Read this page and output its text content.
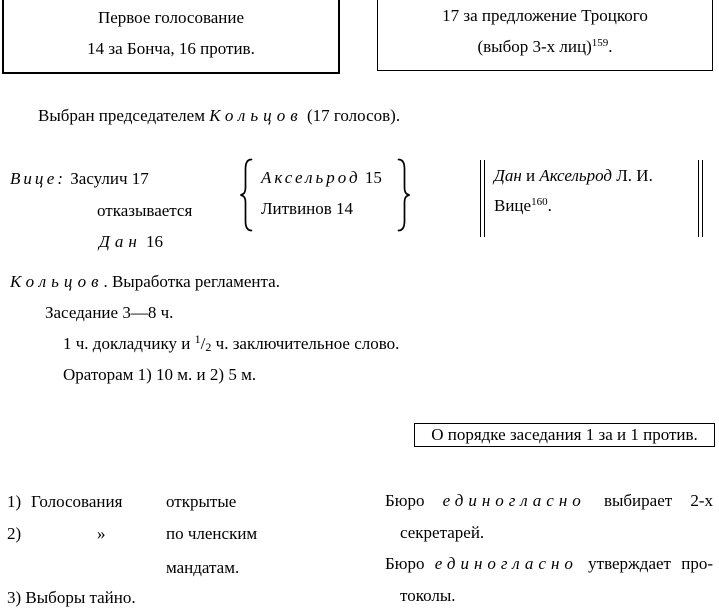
Первое голосование
14 за Бонча, 16 против.
17 за предложение Троцкого
(выбор 3-х лиц)$^{159}$.
Выбран председателем Кольцов (17 голосов).
Вице: Засулич 17
отказывается
Дан 16
Аксельрод 15
Литвинов 14
Дан и Аксельрод Л. И.
Вице$^{160}$.
Кольцов. Выработка регламента.
Заседание 3—8 ч.
1 ч. докладчику и $^1/_2$ ч. заключительное слово.
Ораторам 1) 10 м. и 2) 5 м.
О порядке заседания 1 за и 1 против.
1) Голосования	открытые
2)	»	по членским
мандатам.
3) Выборы тайно.
Бюро единогласно выбирает 2-х
секретарей.
Бюро единогласно утверждает про-
токолы.
